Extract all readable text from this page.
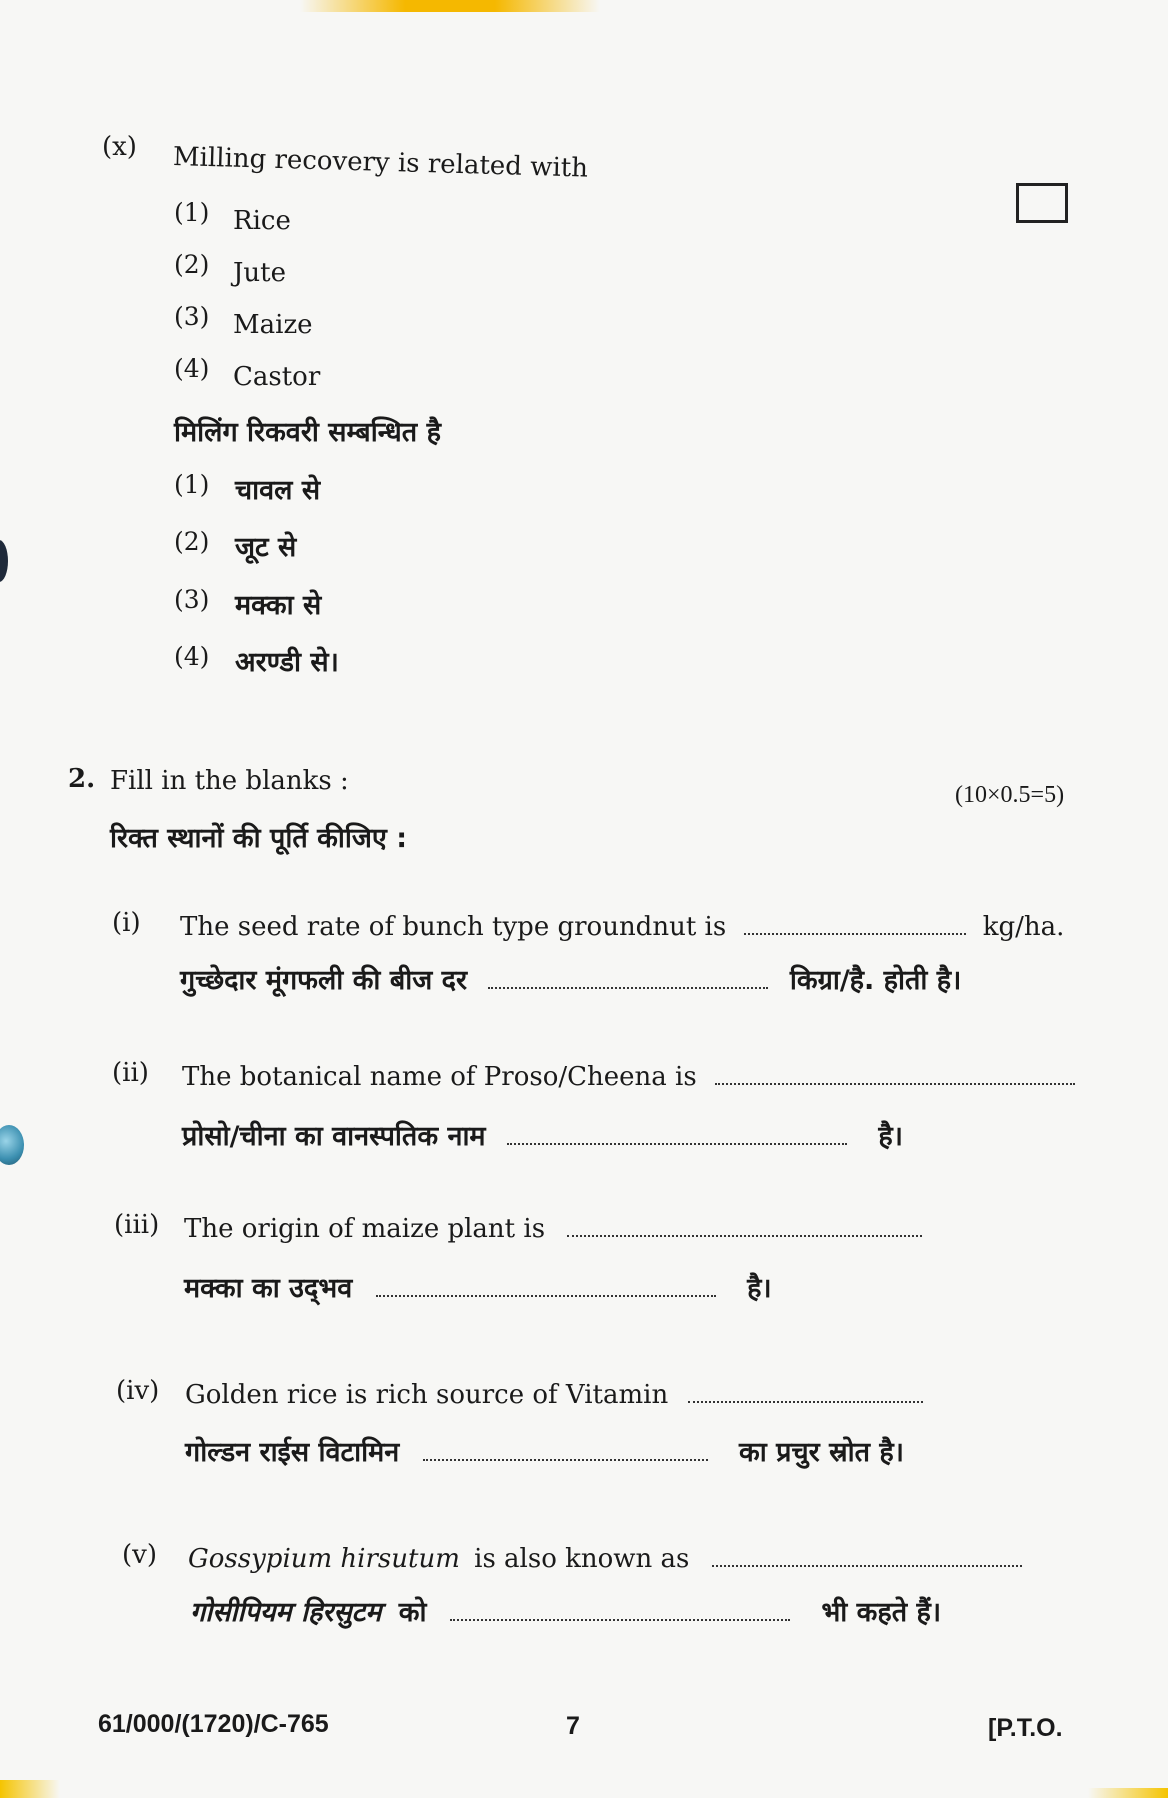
(x) Milling recovery is related with
(1) Rice
(2) Jute
(3) Maize
(4) Castor
मिलिंग रिकवरी सम्बन्धित है
(1) चावल से
(2) जूट से
(3) मक्का से
(4) अरण्डी से।
2. Fill in the blanks :	(10×0.5=5)
रिक्त स्थानों की पूर्ति कीजिए :
(i) The seed rate of bunch type groundnut is	kg/ha.
गुच्छेदार मूंगफली की बीज दर	किग्रा/है. होती है।
(ii) The botanical name of Proso/Cheena is
प्रोसो/चीना का वानस्पतिक नाम	है।
(iii) The origin of maize plant is
मक्का का उद्‌भव	है।
(iv) Golden rice is rich source of Vitamin
गोल्डन राईस विटामिन	का प्रचुर स्रोत है।
(v) Gossypium hirsutum is also known as
गोसीपियम हिरसुटम को	भी कहते हैं।
61/000/(1720)/C-765	7	[P.T.O.
